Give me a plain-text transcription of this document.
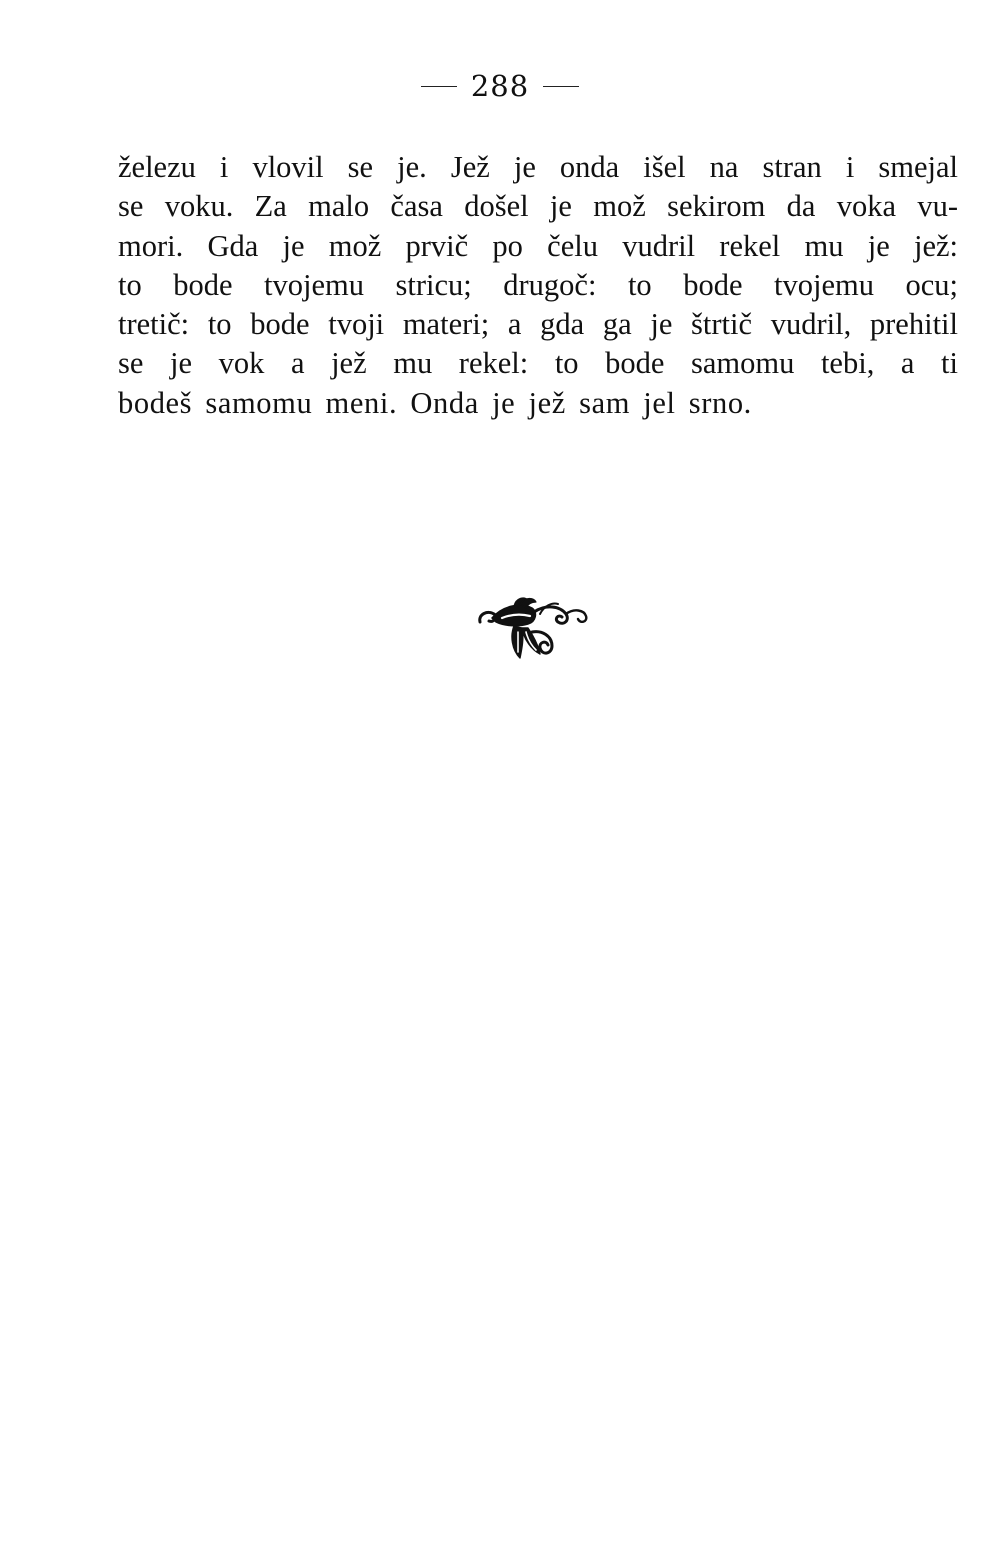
288
železu i vlovil se je. Jež je onda išel na stran i smejal
se voku. Za malo časa došel je mož sekirom da voka vu-
mori. Gda je mož prvič po čelu vudril rekel mu je jež:
to bode tvojemu stricu; drugoč: to bode tvojemu ocu;
tretič: to bode tvoji materi; a gda ga je štrtič vudril, prehitil
se je vok a jež mu rekel: to bode samomu tebi, a ti
bodeš samomu meni. Onda je jež sam jel srno.
